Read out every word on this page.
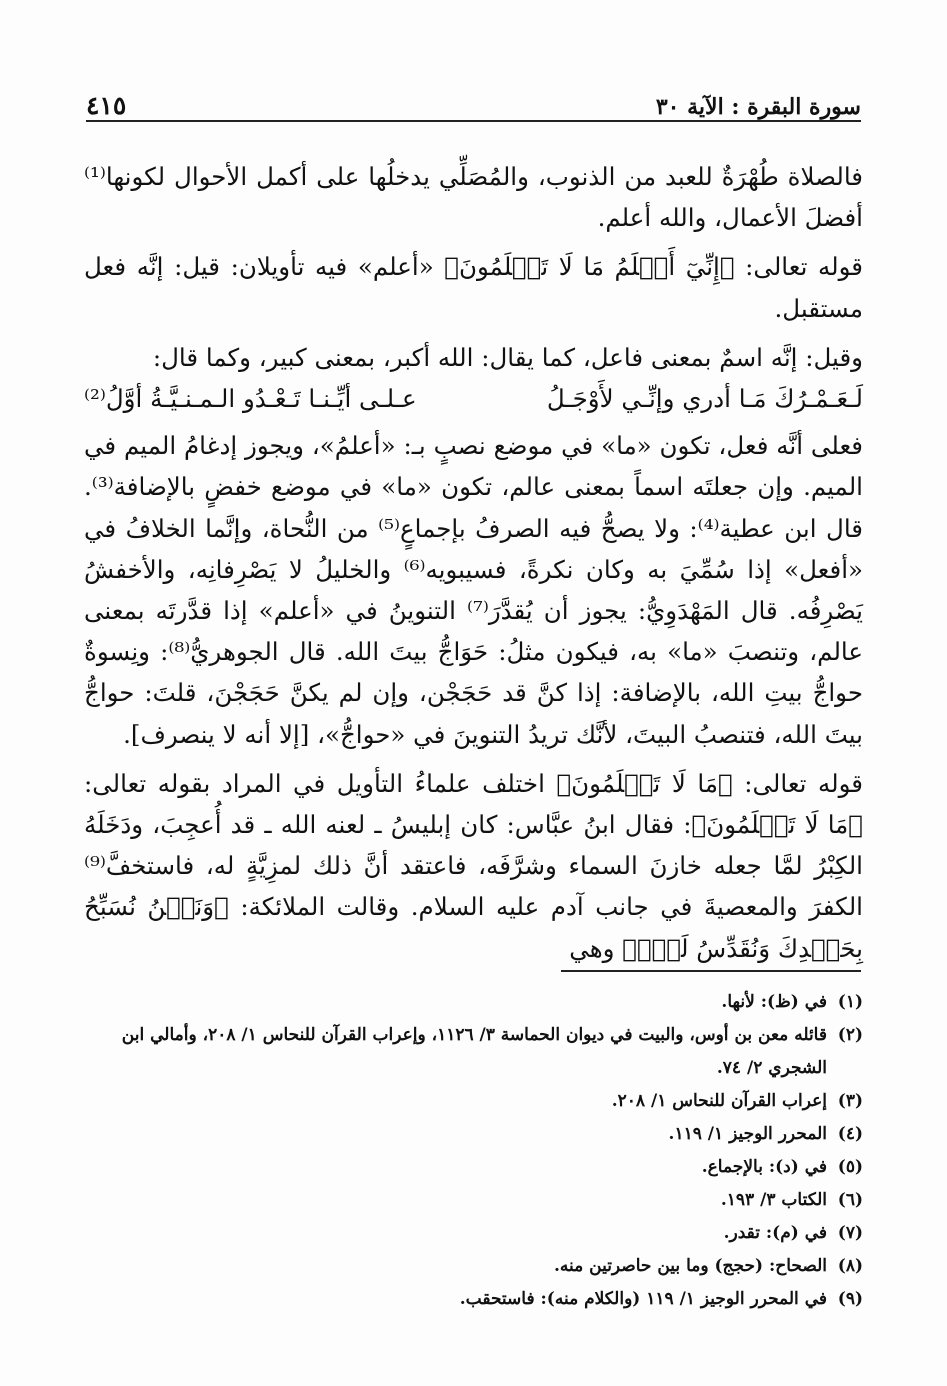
سورة البقرة : الآية ٣٠
٤١٥

فالصلاة طُهْرَةٌ للعبد من الذنوب، والمُصَلِّي يدخلُها على أكمل الأحوال لكونها⁽¹⁾ أفضلَ الأعمال، والله أعلم.

قوله تعالى: ﴿إِنِّيٓ أَعۡلَمُ مَا لَا تَعۡلَمُونَ﴾ «أعلم» فيه تأويلان: قيل: إنَّه فعل مستقبل.

وقيل: إنَّه اسمٌ بمعنى فاعل، كما يقال: الله أكبر، بمعنى كبير، وكما قال:

لَـعَـمْـرُكَ مَـا أدري وإنِّـي لأَوْجَـلُ
عـلـى أيِّـنـا تَـعْـدُو الـمـنـيَّـةُ أوَّلُ⁽²⁾

فعلى أنَّه فعل، تكون «ما» في موضع نصبٍ بـ: «أعلمُ»، ويجوز إدغامُ الميم في الميم. وإن جعلتَه اسماً بمعنى عالم، تكون «ما» في موضع خفضٍ بالإضافة⁽³⁾. قال ابن عطية⁽⁴⁾: ولا يصحُّ فيه الصرفُ بإجماعٍ⁽⁵⁾ من النُّحاة، وإنَّما الخلافُ في «أفعل» إذا سُمِّيَ به وكان نكرةً، فسيبويه⁽⁶⁾ والخليلُ لا يَصْرِفانِه، والأخفشُ يَصْرِفُه. قال المَهْدَوِيُّ: يجوز أن يُقدَّرَ⁽⁷⁾ التنوينُ في «أعلم» إذا قدَّرتَه بمعنى عالم، وتنصبَ «ما» به، فيكون مثلُ: حَوَاجُّ بيتَ الله. قال الجوهريُّ⁽⁸⁾: ونِسوةٌ حواجُّ بيتِ الله، بالإضافة: إذا كنَّ قد حَجَجْن، وإن لم يكنَّ حَجَجْنَ، قلتَ: حواجُّ بيتَ الله، فتنصبُ البيتَ، لأنَّك تريدُ التنوينَ في «حواجُّ»، [إلا أنه لا ينصرف].

قوله تعالى: ﴿مَا لَا تَعۡلَمُونَ﴾ اختلف علماءُ التأويل في المراد بقوله تعالى: ﴿مَا لَا تَعۡلَمُونَ﴾: فقال ابنُ عبَّاس: كان إبليسُ ـ لعنه الله ـ قد أُعجِبَ، ودَخَلَهُ الكِبْرُ لمَّا جعله خازنَ السماء وشرَّفَه، فاعتقد أنَّ ذلك لمزِيَّةٍ له، فاستخفَّ⁽⁹⁾ الكفرَ والمعصيةَ في جانب آدم عليه السلام. وقالت الملائكة: ﴿وَنَحۡنُ نُسَبِّحُ بِحَمۡدِكَ وَنُقَدِّسُ لَكَۖ﴾ وهي

(١)
في (ظ): لأنها.
(٢)
قائله معن بن أوس، والبيت في ديوان الحماسة ٣/ ١١٢٦، وإعراب القرآن للنحاس ١/ ٢٠٨، وأمالي ابن الشجري ٢/ ٧٤.
(٣)
إعراب القرآن للنحاس ١/ ٢٠٨.
(٤)
المحرر الوجيز ١/ ١١٩.
(٥)
في (د): بالإجماع.
(٦)
الكتاب ٣/ ١٩٣.
(٧)
في (م): تقدر.
(٨)
الصحاح: (حجج) وما بين حاصرتين منه.
(٩)
في المحرر الوجيز ١/ ١١٩ (والكلام منه): فاستحقب.
